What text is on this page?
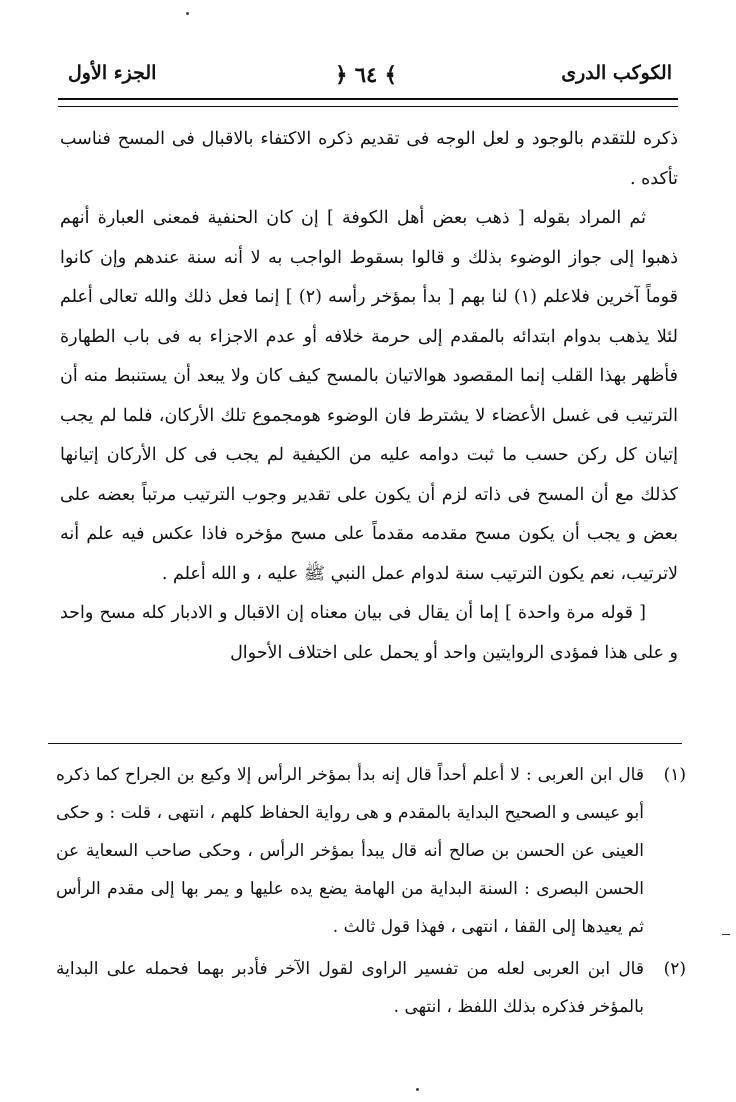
الكوكب الدرى
﴿ ٦٤ ﴾
الجزء الأول

ذكره للتقدم بالوجود و لعل الوجه فى تقديم ذكره الاكتفاء بالاقبال فى المسح فناسب تأكده .

ثم المراد بقوله [ ذهب بعض أهل الكوفة ] إن كان الحنفية فمعنى العبارة أنهم ذهبوا إلى جواز الوضوء بذلك و قالوا بسقوط الواجب به لا أنه سنة عندهم وإن كانوا قوماً آخرين فلاعلم (١) لنا بهم [ بدأ بمؤخر رأسه (٢) ] إنما فعل ذلك والله تعالى أعلم لئلا يذهب بدوام ابتدائه بالمقدم إلى حرمة خلافه أو عدم الاجزاء به فى باب الطهارة فأظهر بهذا القلب إنما المقصود هوالاتيان بالمسح كيف كان ولا يبعد أن يستنبط منه أن الترتيب فى غسل الأعضاء لا يشترط فان الوضوء هومجموع تلك الأركان، فلما لم يجب إتيان كل ركن حسب ما ثبت دوامه عليه من الكيفية لم يجب فى كل الأركان إتيانها كذلك مع أن المسح فى ذاته لزم أن يكون على تقدير وجوب الترتيب مرتباً بعضه على بعض و يجب أن يكون مسح مقدمه مقدماً على مسح مؤخره فاذا عكس فيه علم أنه لاترتيب، نعم يكون الترتيب سنة لدوام عمل النبي ﷺ عليه ، و الله أعلم .

[ قوله مرة واحدة ] إما أن يقال فى بيان معناه إن الاقبال و الادبار كله مسح واحد و على هذا فمؤدى الروايتين واحد أو يحمل على اختلاف الأحوال

(١)
قال ابن العربى : لا أعلم أحداً قال إنه بدأ بمؤخر الرأس إلا وكيع بن الجراح كما ذكره أبو عيسى و الصحيح البداية بالمقدم و هى رواية الحفاظ كلهم ، انتهى ، قلت : و حكى العينى عن الحسن بن صالح أنه قال يبدأ بمؤخر الرأس ، وحكى صاحب السعاية عن الحسن البصرى : السنة البداية من الهامة يضع يده عليها و يمر بها إلى مقدم الرأس ثم يعيدها إلى القفا ، انتهى ، فهذا قول ثالث .
(٢)
قال ابن العربى لعله من تفسير الراوى لقول الآخر فأدبر بهما فحمله على البداية بالمؤخر فذكره بذلك اللفظ ، انتهى .
